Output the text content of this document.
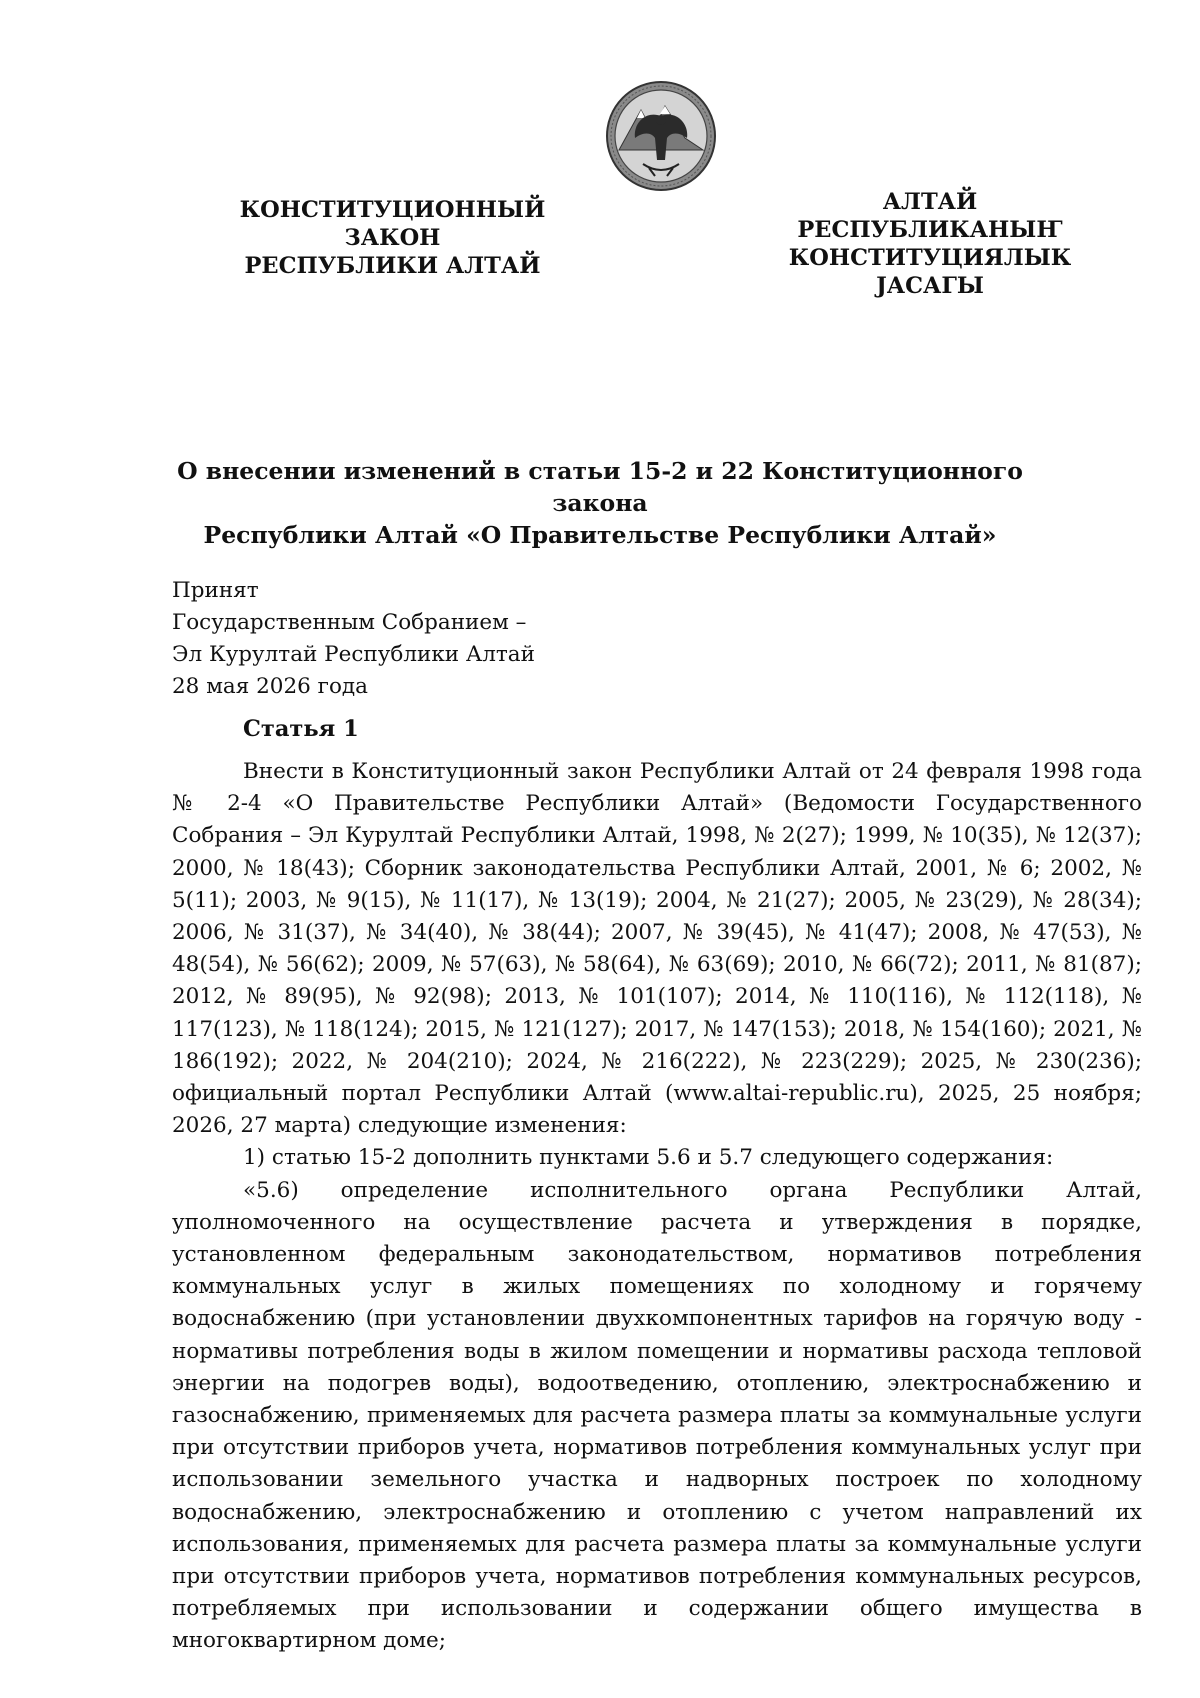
КОНСТИТУЦИОННЫЙ
ЗАКОН
РЕСПУБЛИКИ АЛТАЙ
АЛТАЙ РЕСПУБЛИКАНЫҤ
КОНСТИТУЦИЯЛЫК
ЈАСАГЫ
О внесении изменений в статьи 15-2 и 22 Конституционного закона
Республики Алтай «О Правительстве Республики Алтай»
Принят
Государственным Собранием –
Эл Курултай Республики Алтай
28 мая 2026 года
Статья 1

Внести в Конституционный закон Республики Алтай от 24 февраля 1998 года № 2-4 «О Правительстве Республики Алтай» (Ведомости Государственного Собрания – Эл Курултай Республики Алтай, 1998, № 2(27); 1999, № 10(35), № 12(37); 2000, № 18(43); Сборник законодательства Республики Алтай, 2001, № 6; 2002, № 5(11); 2003, № 9(15), № 11(17), № 13(19); 2004, № 21(27); 2005, № 23(29), № 28(34); 2006, № 31(37), № 34(40), № 38(44); 2007, № 39(45), № 41(47); 2008, № 47(53), № 48(54), № 56(62); 2009, № 57(63), № 58(64), № 63(69); 2010, № 66(72); 2011, № 81(87); 2012, № 89(95), № 92(98); 2013, № 101(107); 2014, № 110(116), № 112(118), № 117(123), № 118(124); 2015, № 121(127); 2017, № 147(153); 2018, № 154(160); 2021, № 186(192); 2022, № 204(210); 2024, № 216(222), № 223(229); 2025, № 230(236); официальный портал Республики Алтай (www.altai-republic.ru), 2025, 25 ноября; 2026, 27 марта) следующие изменения:

1) статью 15-2 дополнить пунктами 5.6 и 5.7 следующего содержания:

«5.6) определение исполнительного органа Республики Алтай, уполномоченного на осуществление расчета и утверждения в порядке, установленном федеральным законодательством, нормативов потребления коммунальных услуг в жилых помещениях по холодному и горячему водоснабжению (при установлении двухкомпонентных тарифов на горячую воду - нормативы потребления воды в жилом помещении и нормативы расхода тепловой энергии на подогрев воды), водоотведению, отоплению, электроснабжению и газоснабжению, применяемых для расчета размера платы за коммунальные услуги при отсутствии приборов учета, нормативов потребления коммунальных услуг при использовании земельного участка и надворных построек по холодному водоснабжению, электроснабжению и отоплению с учетом направлений их использования, применяемых для расчета размера платы за коммунальные услуги при отсутствии приборов учета, нормативов потребления коммунальных ресурсов, потребляемых при использовании и содержании общего имущества в многоквартирном доме;
